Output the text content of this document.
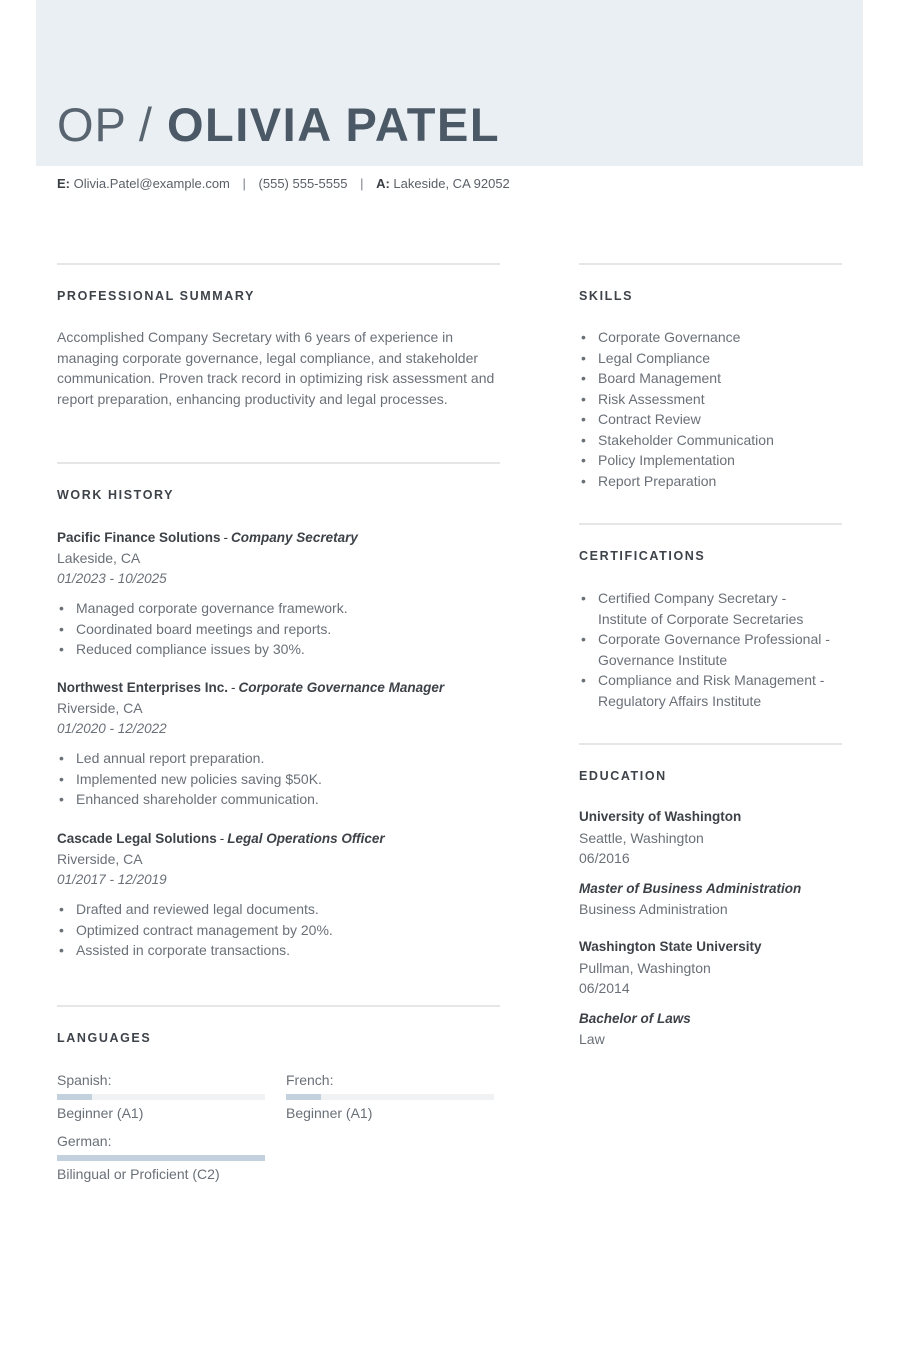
OP / OLIVIA PATEL
E: Olivia.Patel@example.com | (555) 555-5555 | A: Lakeside, CA 92052
PROFESSIONAL SUMMARY
Accomplished Company Secretary with 6 years of experience in managing corporate governance, legal compliance, and stakeholder communication. Proven track record in optimizing risk assessment and report preparation, enhancing productivity and legal processes.
WORK HISTORY
Pacific Finance Solutions - Company Secretary
Lakeside, CA
01/2023 - 10/2025
• Managed corporate governance framework.
• Coordinated board meetings and reports.
• Reduced compliance issues by 30%.
Northwest Enterprises Inc. - Corporate Governance Manager
Riverside, CA
01/2020 - 12/2022
• Led annual report preparation.
• Implemented new policies saving $50K.
• Enhanced shareholder communication.
Cascade Legal Solutions - Legal Operations Officer
Riverside, CA
01/2017 - 12/2019
• Drafted and reviewed legal documents.
• Optimized contract management by 20%.
• Assisted in corporate transactions.
LANGUAGES
Spanish:
Beginner (A1)
French:
Beginner (A1)
German:
Bilingual or Proficient (C2)
SKILLS
• Corporate Governance
• Legal Compliance
• Board Management
• Risk Assessment
• Contract Review
• Stakeholder Communication
• Policy Implementation
• Report Preparation
CERTIFICATIONS
• Certified Company Secretary -
Institute of Corporate Secretaries
• Corporate Governance Professional -
Governance Institute
• Compliance and Risk Management -
Regulatory Affairs Institute
EDUCATION
University of Washington
Seattle, Washington
06/2016
Master of Business Administration
Business Administration
Washington State University
Pullman, Washington
06/2014
Bachelor of Laws
Law
